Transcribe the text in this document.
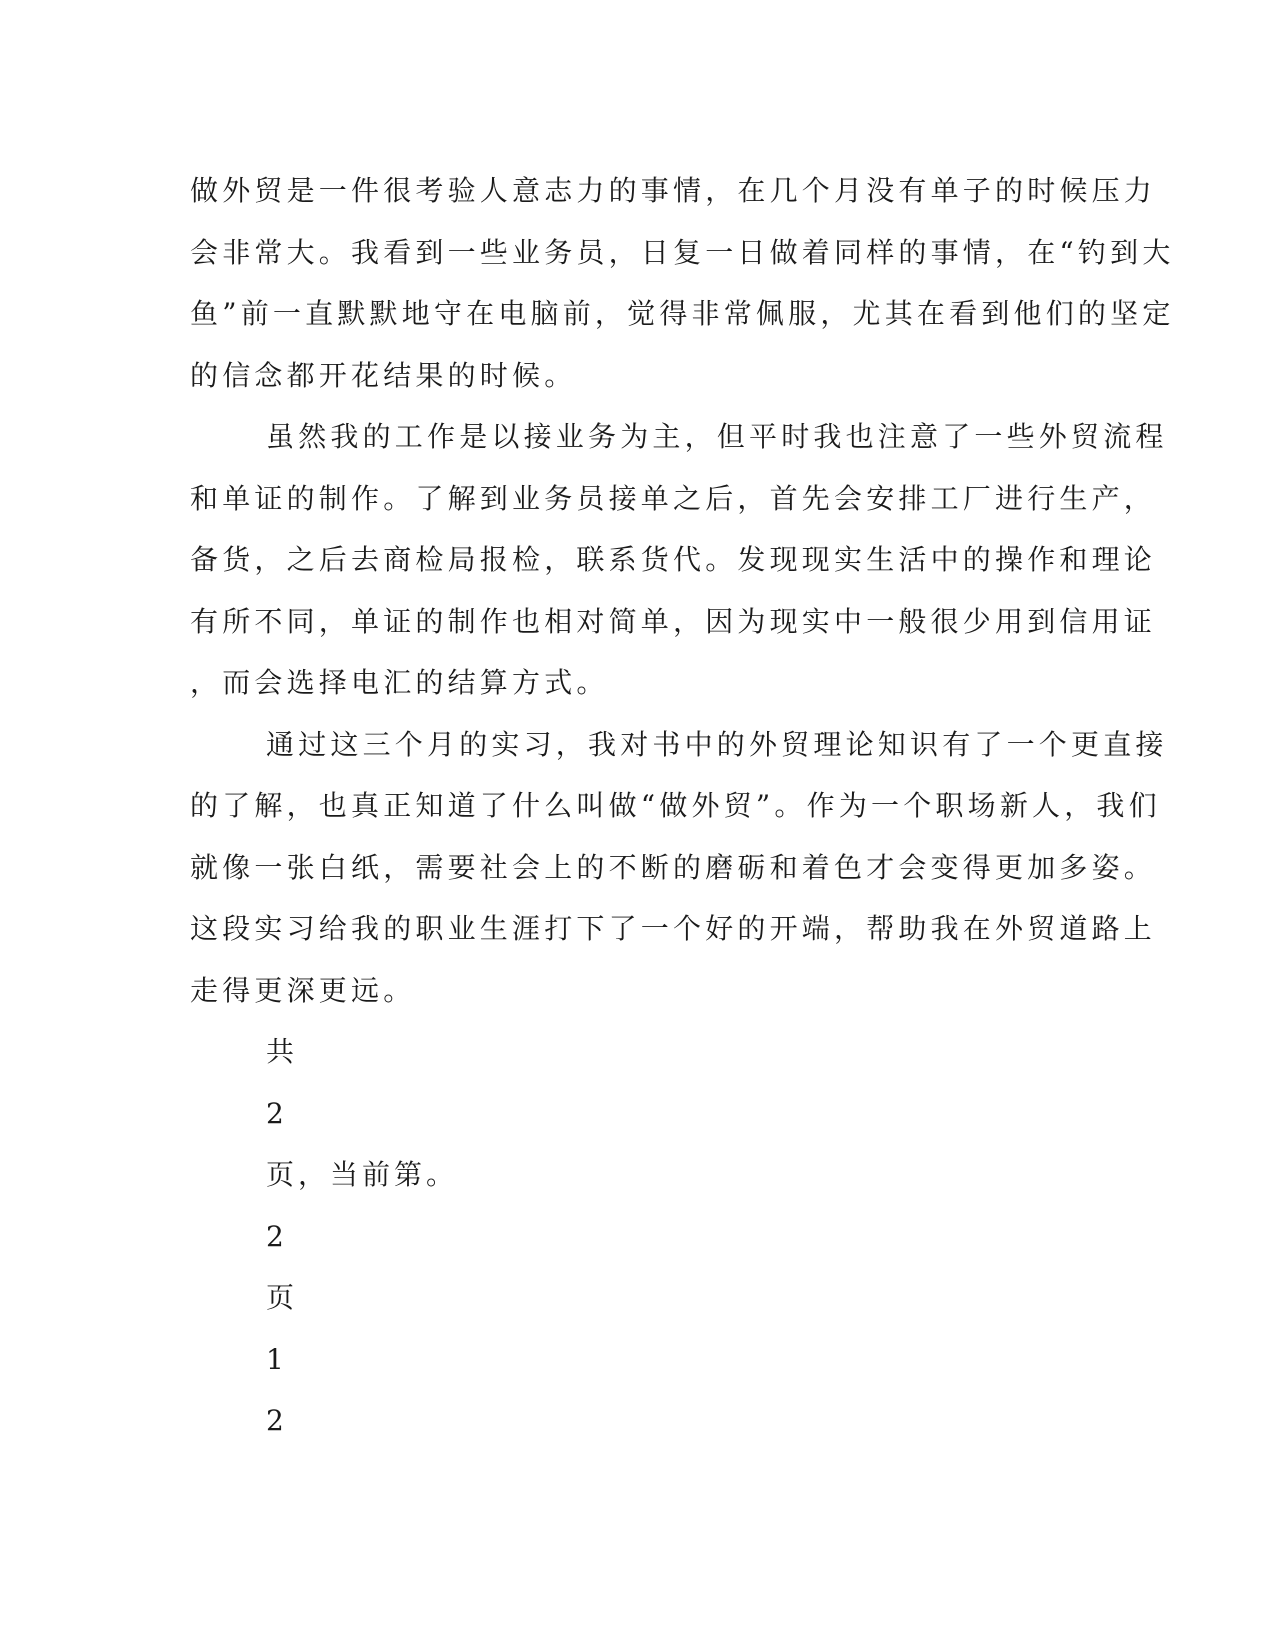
做外贸是一件很考验人意志力的事情，在几个月没有单子的时候压力
会非常大。我看到一些业务员，日复一日做着同样的事情，在“钓到大
鱼”前一直默默地守在电脑前，觉得非常佩服，尤其在看到他们的坚定
的信念都开花结果的时候。
虽然我的工作是以接业务为主，但平时我也注意了一些外贸流程
和单证的制作。了解到业务员接单之后，首先会安排工厂进行生产，
备货，之后去商检局报检，联系货代。发现现实生活中的操作和理论
有所不同，单证的制作也相对简单，因为现实中一般很少用到信用证
，而会选择电汇的结算方式。
通过这三个月的实习，我对书中的外贸理论知识有了一个更直接
的了解，也真正知道了什么叫做“做外贸”。作为一个职场新人，我们
就像一张白纸，需要社会上的不断的磨砺和着色才会变得更加多姿。
这段实习给我的职业生涯打下了一个好的开端，帮助我在外贸道路上
走得更深更远。
共
2
页，当前第。
2
页
1
2
